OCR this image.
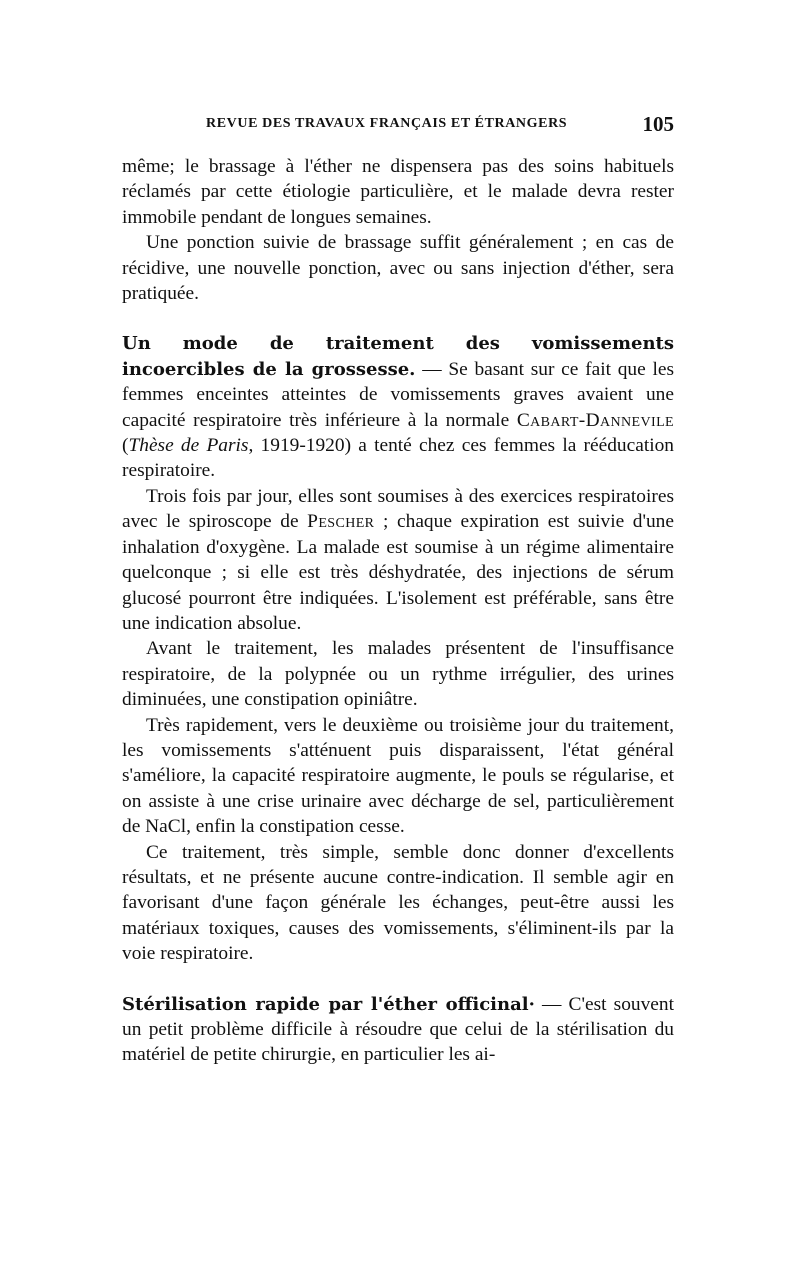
REVUE DES TRAVAUX FRANÇAIS ET ÉTRANGERS	105

même; le brassage à l'éther ne dispensera pas des soins habituels réclamés par cette étiologie particulière, et le malade devra rester immobile pendant de longues semaines.

Une ponction suivie de brassage suffit généralement ; en cas de récidive, une nouvelle ponction, avec ou sans injection d'éther, sera pratiquée.

Un mode de traitement des vomissements incoercibles de la grossesse. — Se basant sur ce fait que les femmes enceintes atteintes de vomissements graves avaient une capacité respiratoire très inférieure à la normale Cabart-Dannevile (Thèse de Paris, 1919-1920) a tenté chez ces femmes la rééducation respiratoire.

Trois fois par jour, elles sont soumises à des exercices respiratoires avec le spiroscope de Pescher ; chaque expiration est suivie d'une inhalation d'oxygène. La malade est soumise à un régime alimentaire quelconque ; si elle est très déshydratée, des injections de sérum glucosé pourront être indiquées. L'isolement est préférable, sans être une indication absolue.

Avant le traitement, les malades présentent de l'insuffisance respiratoire, de la polypnée ou un rythme irrégulier, des urines diminuées, une constipation opiniâtre.

Très rapidement, vers le deuxième ou troisième jour du traitement, les vomissements s'atténuent puis disparaissent, l'état général s'améliore, la capacité respiratoire augmente, le pouls se régularise, et on assiste à une crise urinaire avec décharge de sel, particulièrement de NaCl, enfin la constipation cesse.

Ce traitement, très simple, semble donc donner d'excellents résultats, et ne présente aucune contre-indication. Il semble agir en favorisant d'une façon générale les échanges, peut-être aussi les matériaux toxiques, causes des vomissements, s'éliminent-ils par la voie respiratoire.

Stérilisation rapide par l'éther officinal· — C'est souvent un petit problème difficile à résoudre que celui de la stérilisation du matériel de petite chirurgie, en particulier les ai-
